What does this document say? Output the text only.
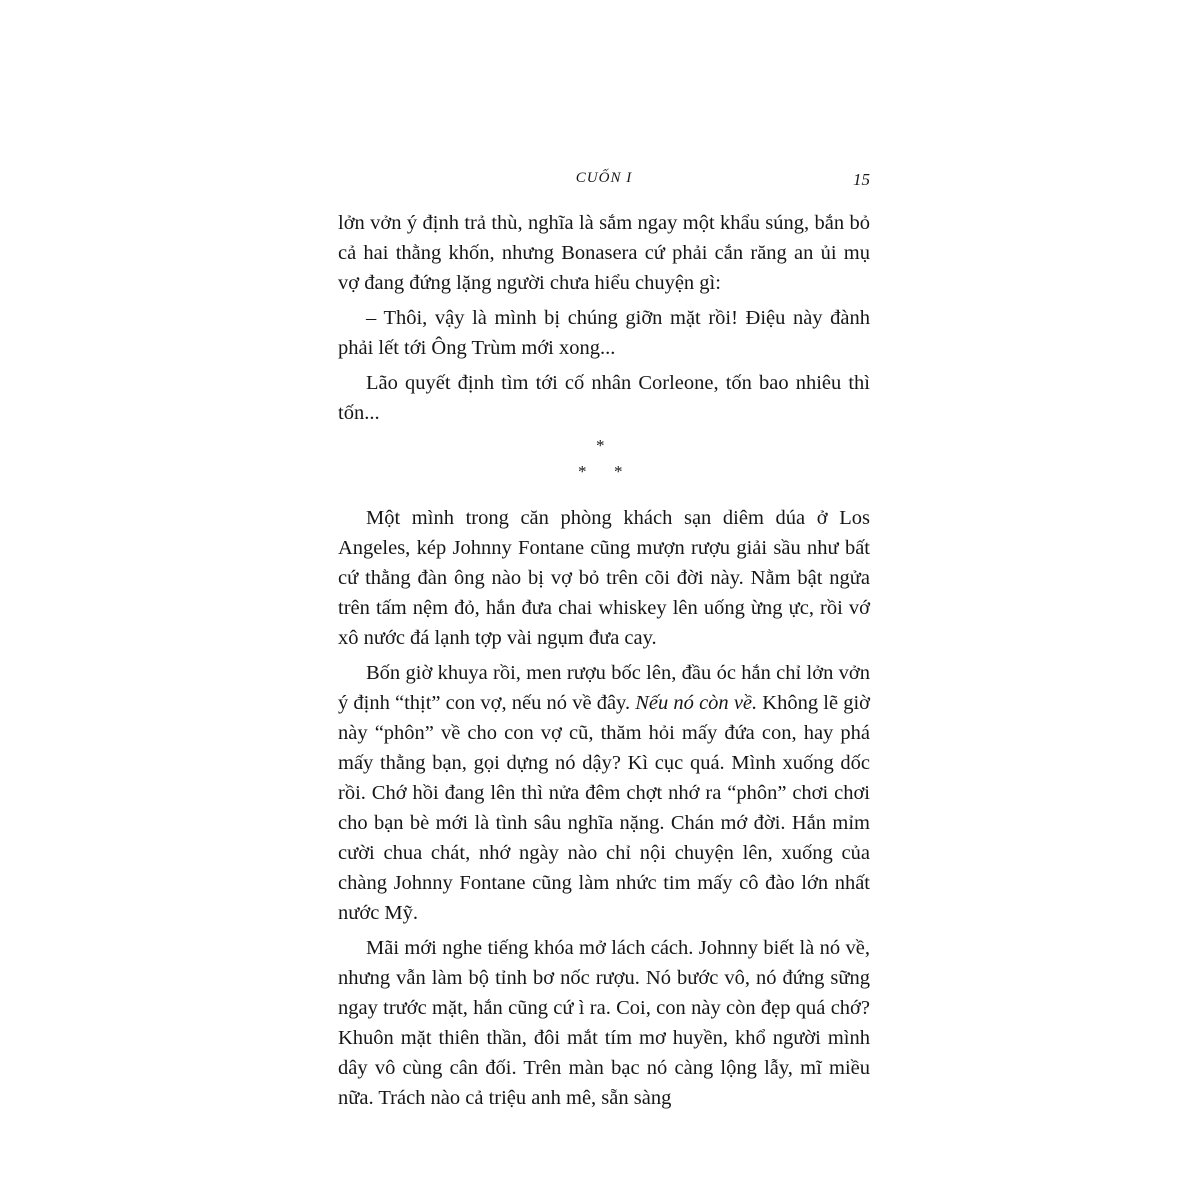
CUỐN I	15

lởn vởn ý định trả thù, nghĩa là sắm ngay một khẩu súng, bắn bỏ cả hai thằng khốn, nhưng Bonasera cứ phải cắn răng an ủi mụ vợ đang đứng lặng người chưa hiểu chuyện gì:

– Thôi, vậy là mình bị chúng giỡn mặt rồi! Điệu này đành phải lết tới Ông Trùm mới xong...

Lão quyết định tìm tới cố nhân Corleone, tốn bao nhiêu thì tốn...

*
* *

Một mình trong căn phòng khách sạn diêm dúa ở Los Angeles, kép Johnny Fontane cũng mượn rượu giải sầu như bất cứ thằng đàn ông nào bị vợ bỏ trên cõi đời này. Nằm bật ngửa trên tấm nệm đỏ, hắn đưa chai whiskey lên uống ừng ực, rồi vớ xô nước đá lạnh tợp vài ngụm đưa cay.

Bốn giờ khuya rồi, men rượu bốc lên, đầu óc hắn chỉ lởn vởn ý định “thịt” con vợ, nếu nó về đây. Nếu nó còn về. Không lẽ giờ này “phôn” về cho con vợ cũ, thăm hỏi mấy đứa con, hay phá mấy thằng bạn, gọi dựng nó dậy? Kì cục quá. Mình xuống dốc rồi. Chớ hồi đang lên thì nửa đêm chợt nhớ ra “phôn” chơi chơi cho bạn bè mới là tình sâu nghĩa nặng. Chán mớ đời. Hắn mỉm cười chua chát, nhớ ngày nào chỉ nội chuyện lên, xuống của chàng Johnny Fontane cũng làm nhức tim mấy cô đào lớn nhất nước Mỹ.

Mãi mới nghe tiếng khóa mở lách cách. Johnny biết là nó về, nhưng vẫn làm bộ tỉnh bơ nốc rượu. Nó bước vô, nó đứng sững ngay trước mặt, hắn cũng cứ ì ra. Coi, con này còn đẹp quá chớ? Khuôn mặt thiên thần, đôi mắt tím mơ huyền, khổ người mình dây vô cùng cân đối. Trên màn bạc nó càng lộng lẫy, mĩ miều nữa. Trách nào cả triệu anh mê, sẵn sàng
